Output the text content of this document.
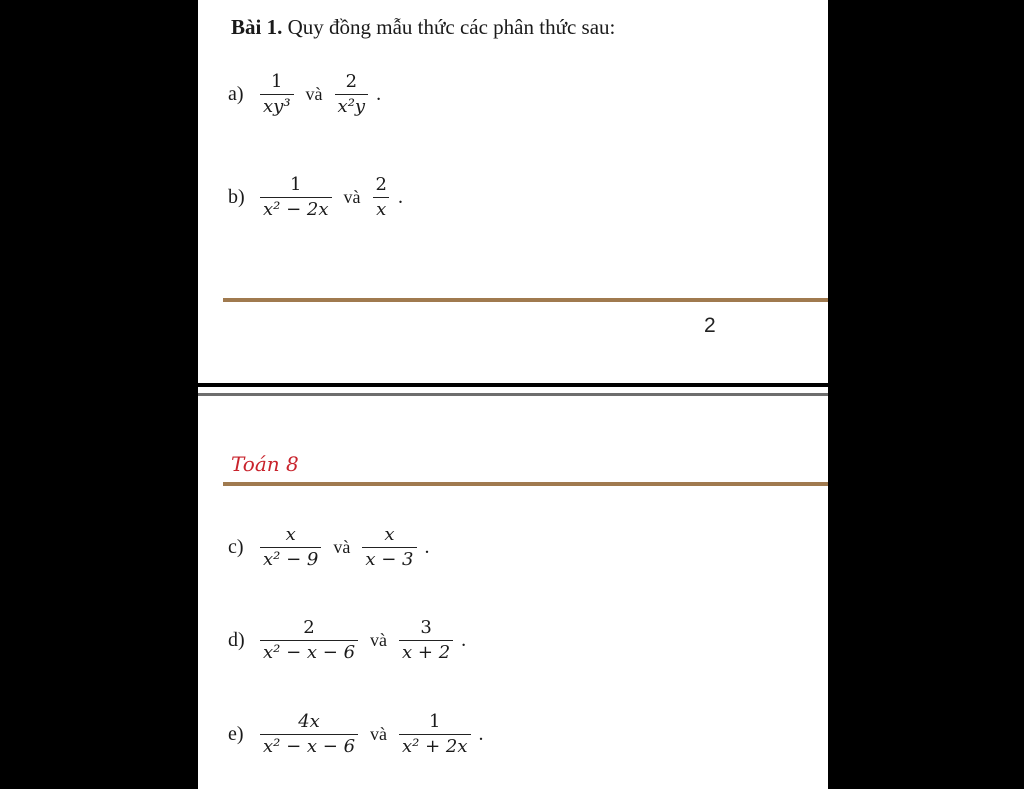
Bài 1. Quy đồng mẫu thức các phân thức sau:
$a) \frac{1}{\text{xy³}}$ và $\frac{2}{\text{x²y}}$ .
$b) \frac{1}{\text{x² − 2x}}$ và $\frac{2}{x}$ .
2
Toán 8
$c) \frac{x}{\text{x² − 9}}$ và $\frac{x}{x - 3}$ .
$d) \frac{2}{\text{x² − x − 6}}$ và $\frac{3}{x + 2}$ .
$e) \frac{4x}{\text{x² − x − 6}}$ và $\frac{1}{\text{x² + 2x}}$ .
